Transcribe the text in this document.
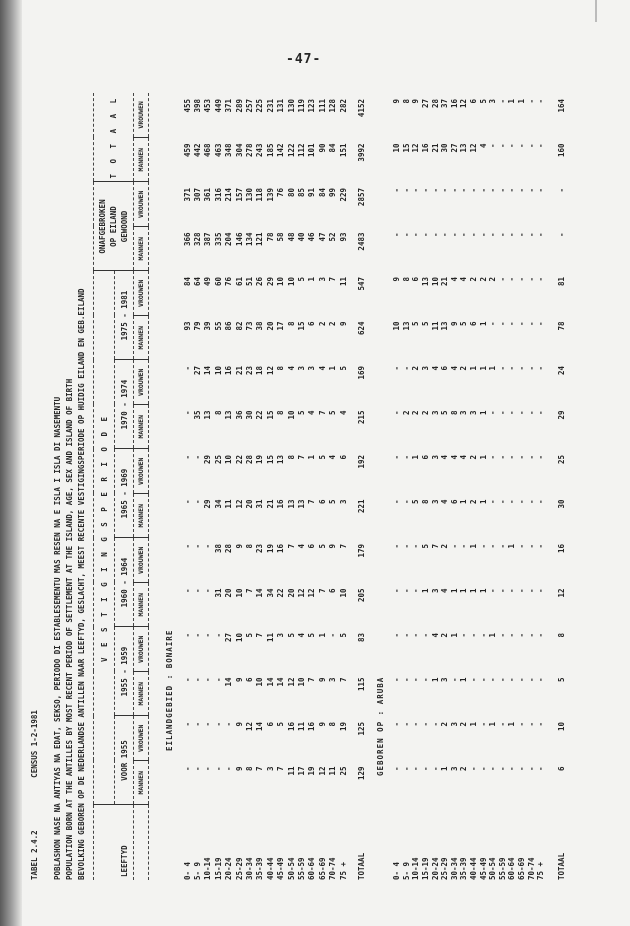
-47-
TABEL 2.4.2 CENSUS 1-2-1981 POBLASHON NASE NA ANTIYAS NA EDAT, SEKSO, PERIODO DI ESTABLESEMENTU MAS RESEN NA E ISLA I ISLA DI NASEMENTU POPULATION BORN AT THE ANTILLES BY MOST RECENT PERIOD OF SETTLEMENT AT THE ISLAND, AGE, SEX AND ISLAND OF BIRTH BEVOLKING GEBOREN OP DE NEDERLANDSE ANTILLEN NAAR LEEFTYD, GESLACHT, MEEST RECENTE VESTIGINGSPERIODE OP HUIDIG EILAND EN GEB.EILAND	LEEFTYD	V E S T I G I N G S P E R I O D E												ONAFGEBROKEN OP EILAND GEWOOND		T O T A A L	
	VOOR 1955		1955 - 1959		1960 - 1964		1965 - 1969		1970 - 1974		1975 - 1981					
	MANNEN	VROUWEN	MANNEN	VROUWEN	MANNEN	VROUWEN	MANNEN	VROUWEN	MANNEN	VROUWEN	MANNEN	VROUWEN	MANNEN	VROUWEN	MANNEN	VROUWEN
EILANDGEBIED : BONAIRE
0- 4	-	-	-	-	-	-	-	-	-	-	93	84	366	371	459	455
5- 9	-	-	-	-	-	-	-	-	35	27	79	64	328	307	442	398
10-14	-	-	-	-	-	-	29	29	13	14	39	49	387	361	468	453
15-19	-	-	-	-	31	38	34	25	8	10	55	60	335	316	463	449
20-24	-	-	14	27	20	28	11	10	13	16	86	76	204	214	348	371
25-29	9	9	9	10	10	9	12	22	36	21	82	61	146	157	304	289
30-34	8	12	6	5	7	8	20	28	30	23	73	51	134	130	278	257
35-39	7	14	10	7	14	23	31	19	22	18	38	26	121	118	243	225
40-44	3	6	14	11	34	19	21	15	15	12	20	29	78	139	185	231
45-49	7	5	14	3	22	16	16	13	8	8	17	10	58	76	142	131
50-54	11	16	12	5	20	7	13	8	10	4	8	10	48	80	122	130
55-59	17	11	10	4	12	4	13	7	5	3	15	5	40	85	112	119
60-64	19	16	7	5	12	6	7	1	4	3	6	1	46	91	101	123
65-69	12	9	9	1	7	5	6	5	7	4	2	3	47	84	90	111
70-74	11	8	3	-	6	9	5	4	5	1	2	7	52	99	84	128
75 +	25	19	7	5	10	7	3	6	4	5	9	11	93	229	151	282
TOTAAL	129	125	115	83	205	179	221	192	215	169	624	547	2483	2857	3992	4152
GEBOREN OP : ARUBA
0- 4	-	-	-	-	-	-	-	-	-	-	10	9	-	-	10	9
5- 9	-	-	-	-	-	-	-	-	2	-	13	8	-	-	15	8
10-14	-	-	-	-	-	-	5	1	2	2	5	6	-	-	12	9
15-19	-	-	-	-	1	5	8	6	2	3	5	13	-	-	16	27
20-24	-	-	1	4	3	7	3	3	3	4	11	10	-	-	21	28
25-29	1	2	3	2	4	2	4	4	5	6	13	21	-	-	30	37
30-34	3	3	-	1	1	-	6	4	8	4	9	4	-	-	27	16
35-39	2	2	1	-	1	-	1	4	3	2	5	4	-	-	13	12
40-44	-	1	-	-	1	1	2	2	3	1	6	2	-	-	12	6
45-49	-	-	-	-	1	-	1	1	1	1	1	2	-	-	4	5
50-54	-	1	-	1	-	-	-	-	-	1	-	2	-	-	-	3
55-59	-	-	-	-	-	-	-	-	-	-	-	-	-	-	-	-
60-64	-	1	-	-	-	1	-	-	-	-	-	-	-	-	-	1
65-69	-	-	-	-	-	-	-	-	-	-	-	-	-	-	-	1
70-74	-	-	-	-	-	-	-	-	-	-	-	-	-	-	-	-
75 +	-	-	-	-	-	-	-	-	-	-	-	-	-	-	-	-
TOTAAL	6	10	5	8	12	16	30	25	29	24	78	81	-	-	160	164
